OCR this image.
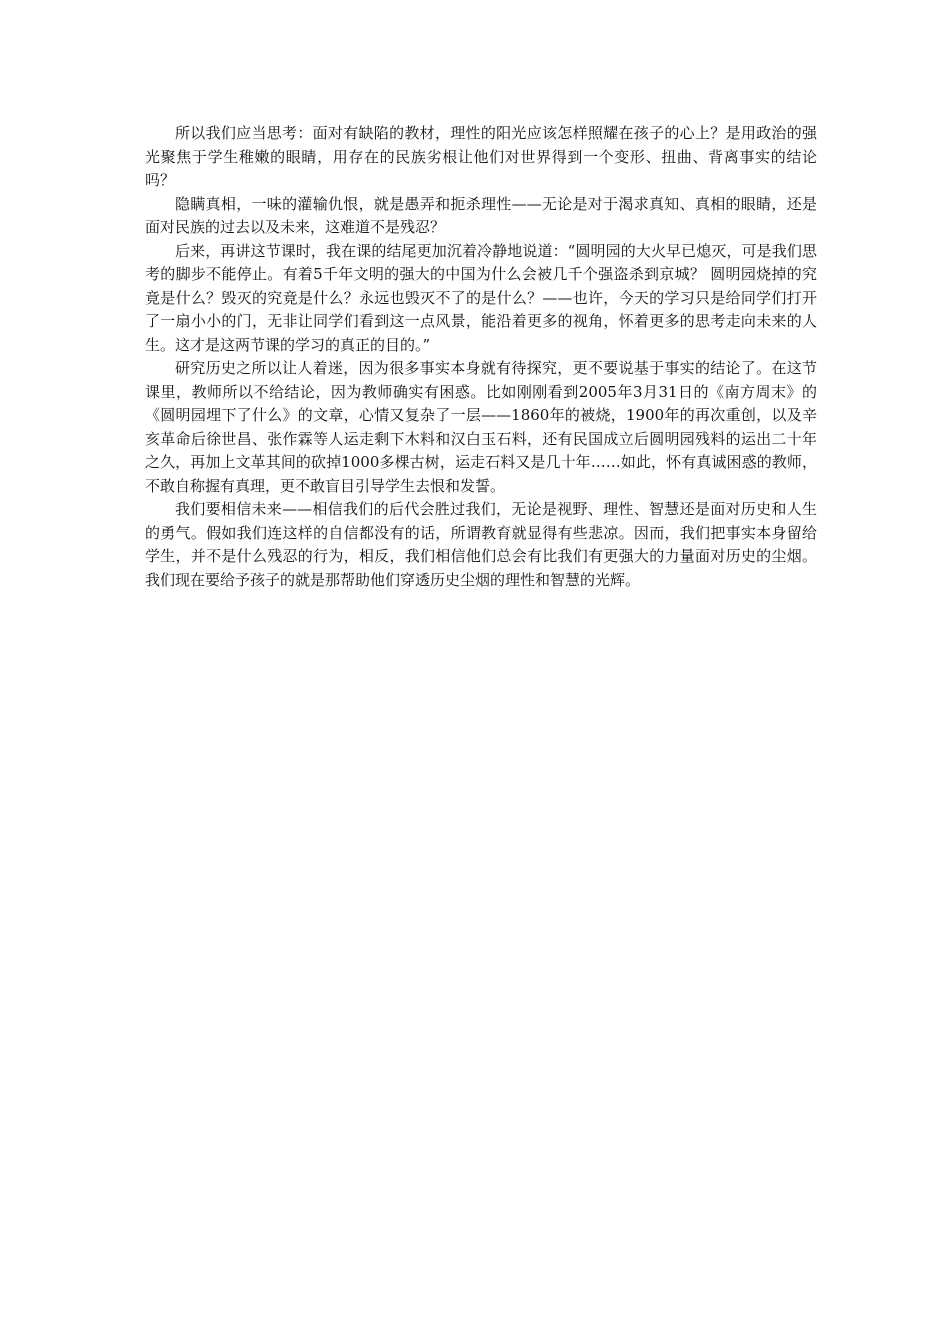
所以我们应当思考：面对有缺陷的教材，理性的阳光应该怎样照耀在孩子的心上？是用政治的强光聚焦于学生稚嫩的眼睛，用存在的民族劣根让他们对世界得到一个变形、扭曲、背离事实的结论吗？

隐瞒真相，一味的灌输仇恨，就是愚弄和扼杀理性——无论是对于渴求真知、真相的眼睛，还是面对民族的过去以及未来，这难道不是残忍？

后来，再讲这节课时，我在课的结尾更加沉着冷静地说道：“圆明园的大火早已熄灭，可是我们思考的脚步不能停止。有着5千年文明的强大的中国为什么会被几千个强盗杀到京城？ 圆明园烧掉的究竟是什么？毁灭的究竟是什么？永远也毁灭不了的是什么？——也许，今天的学习只是给同学们打开了一扇小小的门，无非让同学们看到这一点风景，能沿着更多的视角，怀着更多的思考走向未来的人生。这才是这两节课的学习的真正的目的。”

研究历史之所以让人着迷，因为很多事实本身就有待探究，更不要说基于事实的结论了。在这节课里，教师所以不给结论，因为教师确实有困惑。比如刚刚看到2005年3月31日的《南方周末》的《圆明园埋下了什么》的文章，心情又复杂了一层——1860年的被烧，1900年的再次重创，以及辛亥革命后徐世昌、张作霖等人运走剩下木料和汉白玉石料，还有民国成立后圆明园残料的运出二十年之久，再加上文革其间的砍掉1000多棵古树，运走石料又是几十年……如此，怀有真诚困惑的教师，不敢自称握有真理，更不敢盲目引导学生去恨和发誓。

我们要相信未来——相信我们的后代会胜过我们，无论是视野、理性、智慧还是面对历史和人生的勇气。假如我们连这样的自信都没有的话，所谓教育就显得有些悲凉。因而，我们把事实本身留给学生，并不是什么残忍的行为，相反，我们相信他们总会有比我们有更强大的力量面对历史的尘烟。我们现在要给予孩子的就是那帮助他们穿透历史尘烟的理性和智慧的光辉。
